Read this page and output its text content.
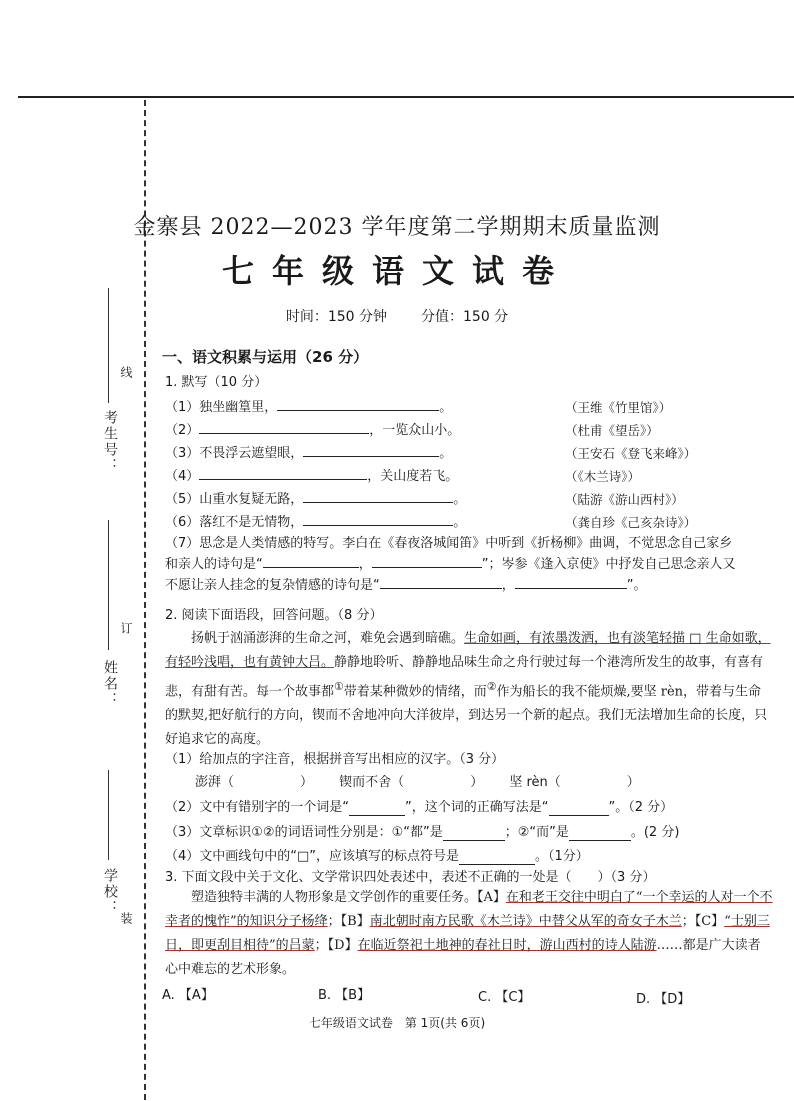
学校：
姓名：
考生号：
装
订
线
金寨县 2022—2023 学年度第二学期期末质量监测
七年级语文试卷
时间：150 分钟 分值：150 分
一、语文积累与运用（26 分）
1. 默写（10 分）
（1）独坐幽篁里，	。	（王维《竹里馆》）
（2）	，一览众山小。	（杜甫《望岳》）
（3）不畏浮云遮望眼，	。	（王安石《登飞来峰》）
（4）	，关山度若飞。	（《木兰诗》）
（5）山重水复疑无路，	。	（陆游《游山西村》）
（6）落红不是无情物，	。	（龚自珍《己亥杂诗》）
（7）思念是人类情感的特写。李白在《春夜洛城闻笛》中听到《折杨柳》曲调，不觉思念自己家乡
和亲人的诗句是“	，	”；岑参《逢入京使》中抒发自己思念亲人又
不愿让亲人挂念的复杂情感的诗句是“	，	”。
2. 阅读下面语段，回答问题。（8 分）
扬帆于汹涌澎湃的生命之河，难免会遇到暗礁。生命如画，有浓墨泼洒，也有淡笔轻描 □ 生命如歌，有轻吟浅唱，也有黄钟大吕。静静地聆听、静静地品味生命之舟行驶过每一个港湾所发生的故事，有喜有悲，有甜有苦。每一个故事都①带着某种微妙的情绪，而②作为船长的我不能烦燥,要坚 rèn，带着与生命的默契,把好航行的方向，锲而不舍地冲向大洋彼岸，到达另一个新的起点。我们无法增加生命的长度，只好追求它的高度。
（1）给加点的字注音，根据拼音写出相应的汉字。（3 分）
澎湃（	） 锲而不舍（	） 坚 rèn（	）
（2）文中有错别字的一个词是“	”，这个词的正确写法是“	”。（2 分）
（3）文章标识①②的词语词性分别是：①“都”是	；②“而”是	。(2 分)
（4）文中画线句中的“□”，应该填写的标点符号是	。（1分）
3. 下面文段中关于文化、文学常识四处表述中，表述不正确的一处是（　　）（3 分）
塑造独特丰满的人物形象是文学创作的重要任务。【A】在和老王交往中明白了“一个幸运的人对一个不幸者的愧怍”的知识分子杨绛；【B】南北朝时南方民歌《木兰诗》中替父从军的奇女子木兰；【C】“士别三日，即更刮目相待”的吕蒙；【D】在临近祭祀土地神的春社日时，游山西村的诗人陆游……都是广大读者心中难忘的艺术形象。
A. 【A】	B. 【B】	C. 【C】	D. 【D】
七年级语文试卷　第 1页(共 6页)
